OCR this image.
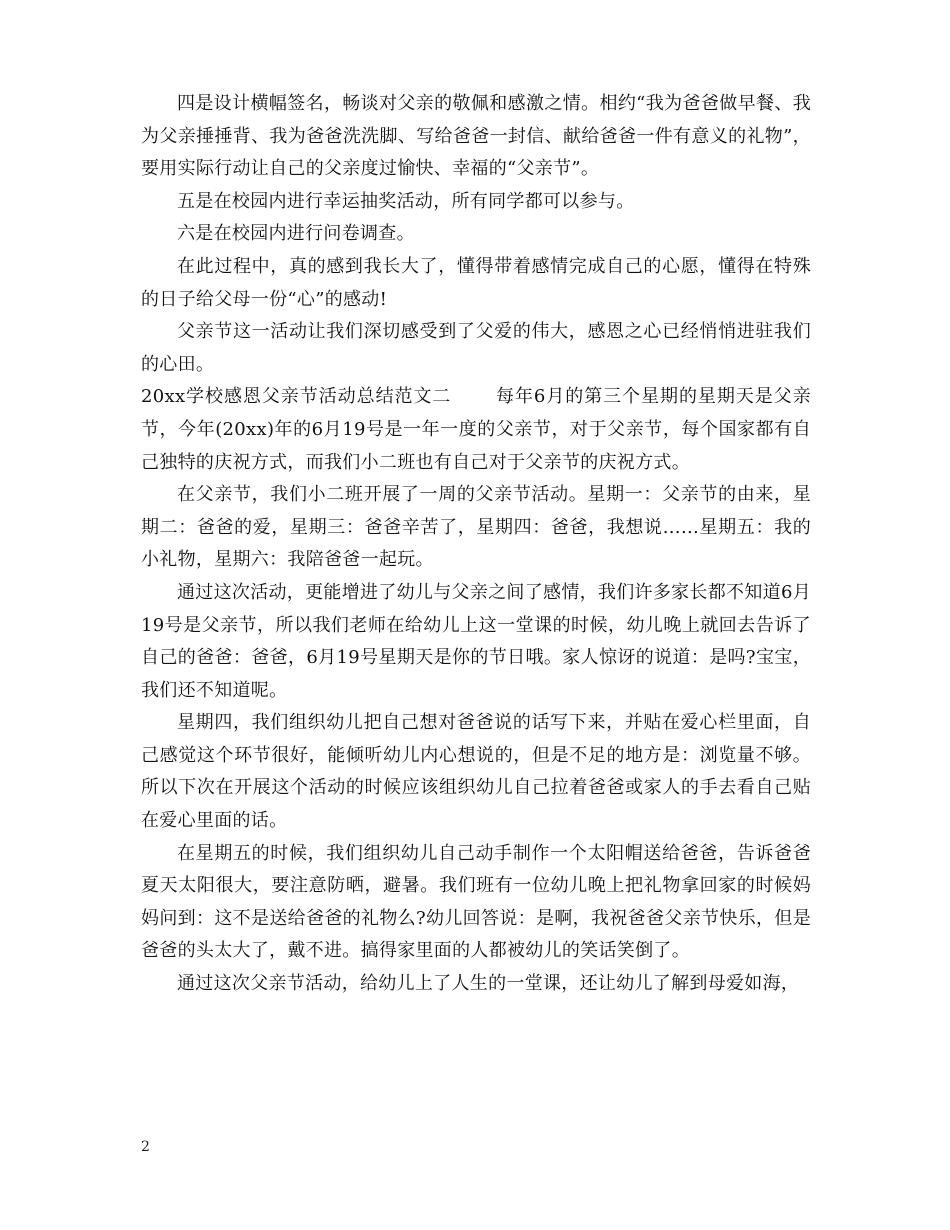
四是设计横幅签名，畅谈对父亲的敬佩和感激之情。相约“我为爸爸做早餐、我为父亲捶捶背、我为爸爸洗洗脚、写给爸爸一封信、献给爸爸一件有意义的礼物”，要用实际行动让自己的父亲度过愉快、幸福的“父亲节”。

五是在校园内进行幸运抽奖活动，所有同学都可以参与。

六是在校园内进行问卷调查。

在此过程中，真的感到我长大了，懂得带着感情完成自己的心愿，懂得在特殊的日子给父母一份“心”的感动!

父亲节这一活动让我们深切感受到了父爱的伟大，感恩之心已经悄悄进驻我们的心田。

20xx学校感恩父亲节活动总结范文二 每年6月的第三个星期的星期天是父亲节，今年(20xx)年的6月19号是一年一度的父亲节，对于父亲节，每个国家都有自己独特的庆祝方式，而我们小二班也有自己对于父亲节的庆祝方式。

在父亲节，我们小二班开展了一周的父亲节活动。星期一：父亲节的由来，星期二：爸爸的爱，星期三：爸爸辛苦了，星期四：爸爸，我想说……星期五：我的小礼物，星期六：我陪爸爸一起玩。

通过这次活动，更能增进了幼儿与父亲之间了感情，我们许多家长都不知道6月19号是父亲节，所以我们老师在给幼儿上这一堂课的时候，幼儿晚上就回去告诉了自己的爸爸：爸爸，6月19号星期天是你的节日哦。家人惊讶的说道：是吗?宝宝，我们还不知道呢。

星期四，我们组织幼儿把自己想对爸爸说的话写下来，并贴在爱心栏里面，自己感觉这个环节很好，能倾听幼儿内心想说的，但是不足的地方是：浏览量不够。所以下次在开展这个活动的时候应该组织幼儿自己拉着爸爸或家人的手去看自己贴在爱心里面的话。

在星期五的时候，我们组织幼儿自己动手制作一个太阳帽送给爸爸，告诉爸爸夏天太阳很大，要注意防晒，避暑。我们班有一位幼儿晚上把礼物拿回家的时候妈妈问到：这不是送给爸爸的礼物么?幼儿回答说：是啊，我祝爸爸父亲节快乐，但是爸爸的头太大了，戴不进。搞得家里面的人都被幼儿的笑话笑倒了。

通过这次父亲节活动，给幼儿上了人生的一堂课，还让幼儿了解到母爱如海，

2
